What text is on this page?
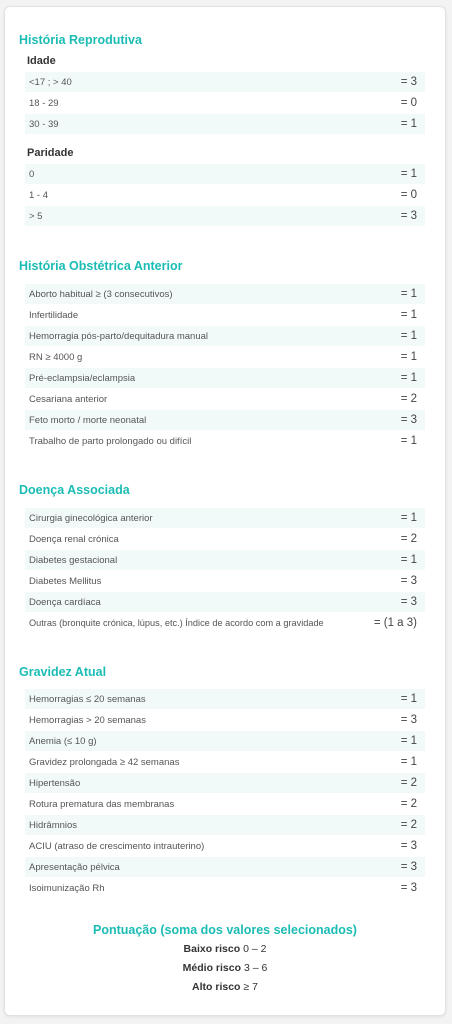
História Reprodutiva
Idade
<17 ; > 40	= 3
18 - 29	= 0
30 - 39	= 1
Paridade
0	= 1
1 - 4	= 0
> 5	= 3
História Obstétrica Anterior
Aborto habitual ≥ (3 consecutivos)	= 1
Infertilidade	= 1
Hemorragia pós-parto/dequitadura manual	= 1
RN ≥ 4000 g	= 1
Pré-eclampsia/eclampsia	= 1
Cesariana anterior	= 2
Feto morto / morte neonatal	= 3
Trabalho de parto prolongado ou difícil	= 1
Doença Associada
Cirurgia ginecológica anterior	= 1
Doença renal crónica	= 2
Diabetes gestacional	= 1
Diabetes Mellitus	= 3
Doença cardíaca	= 3
Outras (bronquite crónica, lúpus, etc.) Índice de acordo com a gravidade	= (1 a 3)
Gravidez Atual
Hemorragias ≤ 20 semanas	= 1
Hemorragias > 20 semanas	= 3
Anemia (≤ 10 g)	= 1
Gravidez prolongada ≥ 42 semanas	= 1
Hipertensão	= 2
Rotura prematura das membranas	= 2
Hidrâmnios	= 2
ACIU (atraso de crescimento intrauterino)	= 3
Apresentação pélvica	= 3
Isoimunização Rh	= 3
Pontuação (soma dos valores selecionados)
Baixo risco 0 – 2
Médio risco 3 – 6
Alto risco ≥ 7
